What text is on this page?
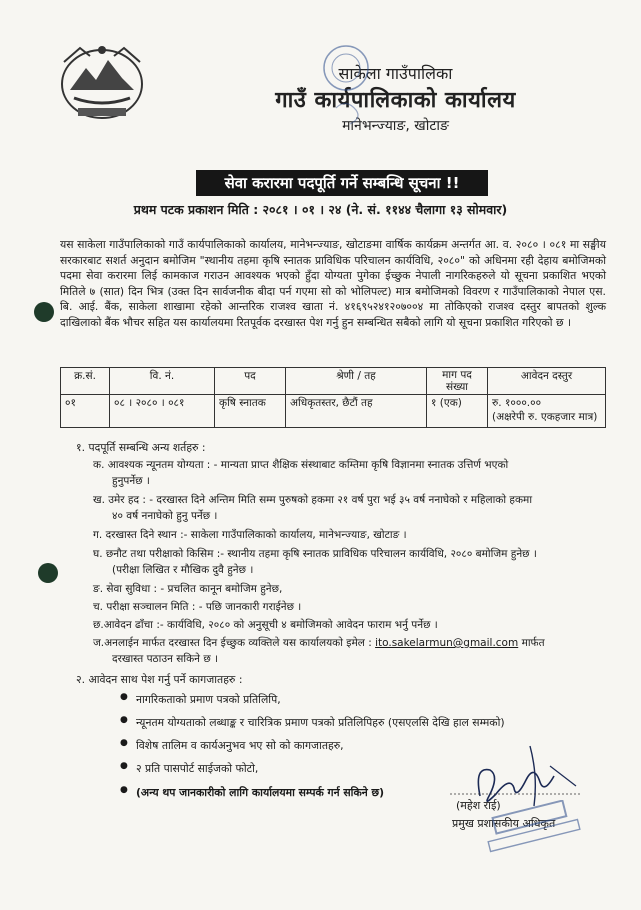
साकेला गाउँपालिका
गाउँ कार्यपालिकाको कार्यालय
मानेभन्ज्याङ, खोटाङ
सेवा करारमा पदपूर्ति गर्ने सम्बन्धि सूचना !!
प्रथम पटक प्रकाशन मिति : २०८१ । ०१ । २४ (ने. सं. ११४४ चैलागा १३ सोमवार)
यस साकेला गाउँपालिकाको गाउँ कार्यपालिकाको कार्यालय, मानेभन्ज्याङ, खोटाङमा वार्षिक कार्यक्रम अन्तर्गत आ. व. २०८० । ०८१ मा सङ्घीय सरकारबाट सशर्त अनुदान बमोजिम "स्थानीय तहमा कृषि स्नातक प्राविधिक परिचालन कार्यविधि, २०८०" को अधिनमा रही देहाय बमोजिमको पदमा सेवा करारमा लिई कामकाज गराउन आवश्यक भएको हुँदा योग्यता पुगेका ईच्छुक नेपाली नागरिकहरुले यो सूचना प्रकाशित भएको मितिले ७ (सात) दिन भित्र (उक्त दिन सार्वजनीक बीदा पर्न गएमा सो को भोलिपल्ट) मात्र बमोजिमको विवरण र गाउँपालिकाको नेपाल एस. बि. आई. बैंक, साकेला शाखामा रहेको आन्तरिक राजश्व खाता नं. ४१६९५२४१२०७००४ मा तोकिएको राजश्व दस्तुर बापतको शुल्क दाखिलाको बैंक भौचर सहित यस कार्यालयमा रितपूर्वक दरखास्त पेश गर्नु हुन सम्बन्धित सबैको लागि यो सूचना प्रकाशित गरिएको छ ।
क्र.सं.	वि. नं.	पद	श्रेणी / तह	माग पद संख्या	आवेदन दस्तुर
०१	०८ । २०८० । ०८१	कृषि स्नातक	अधिकृतस्तर, छैटौं तह	१ (एक)	रु. १०००.००
(अक्षरेपी रु. एकहजार मात्र)
१. पदपूर्ति सम्बन्धि अन्य शर्तहरु :
क. आवश्यक न्यूनतम योग्यता : - मान्यता प्राप्त शैक्षिक संस्थाबाट कम्तिमा कृषि विज्ञानमा स्नातक उत्तिर्ण भएको
हुनुपर्नेछ ।
ख. उमेर हद : - दरखास्त दिने अन्तिम मिति सम्म पुरुषको हकमा २१ वर्ष पुरा भई ३५ वर्ष ननाघेको र महिलाको हकमा
४० वर्ष ननाघेको हुनु पर्नेछ ।
ग. दरखास्त दिने स्थान :- साकेला गाउँपालिकाको कार्यालय, मानेभन्ज्याङ, खोटाङ ।
घ. छनौट तथा परीक्षाको किसिम :- स्थानीय तहमा कृषि स्नातक प्राविधिक परिचालन कार्यविधि, २०८० बमोजिम हुनेछ ।
(परीक्षा लिखित र मौखिक दुवै हुनेछ ।
ङ. सेवा सुविधा : - प्रचलित कानून बमोजिम हुनेछ,
च. परीक्षा सञ्चालन मिति : - पछि जानकारी गराईनेछ ।
छ.आवेदन ढाँचा :- कार्यविधि, २०८० को अनुसूची ४ बमोजिमको आवेदन फाराम भर्नु पर्नेछ ।
ज.अनलाईन मार्फत दरखास्त दिन ईच्छुक व्यक्तिले यस कार्यालयको इमेल : ito.sakelarmun@gmail.com मार्फत
दरखास्त पठाउन सकिने छ ।
२. आवेदन साथ पेश गर्नु पर्ने कागजातहरु :
● नागरिकताको प्रमाण पत्रको प्रतिलिपि,
● न्यूनतम योग्यताको लब्धाङ्क र चारित्रिक प्रमाण पत्रको प्रतिलिपिहरु (एसएलसि देखि हाल सम्मको)
● विशेष तालिम व कार्यअनुभव भए सो को कागजातहरु,
● २ प्रति पासपोर्ट साईजको फोटो,
● (अन्य थप जानकारीको लागि कार्यालयमा सम्पर्क गर्न सकिने छ)
(महेश राई)
प्रमुख प्रशासकीय अधिकृत
